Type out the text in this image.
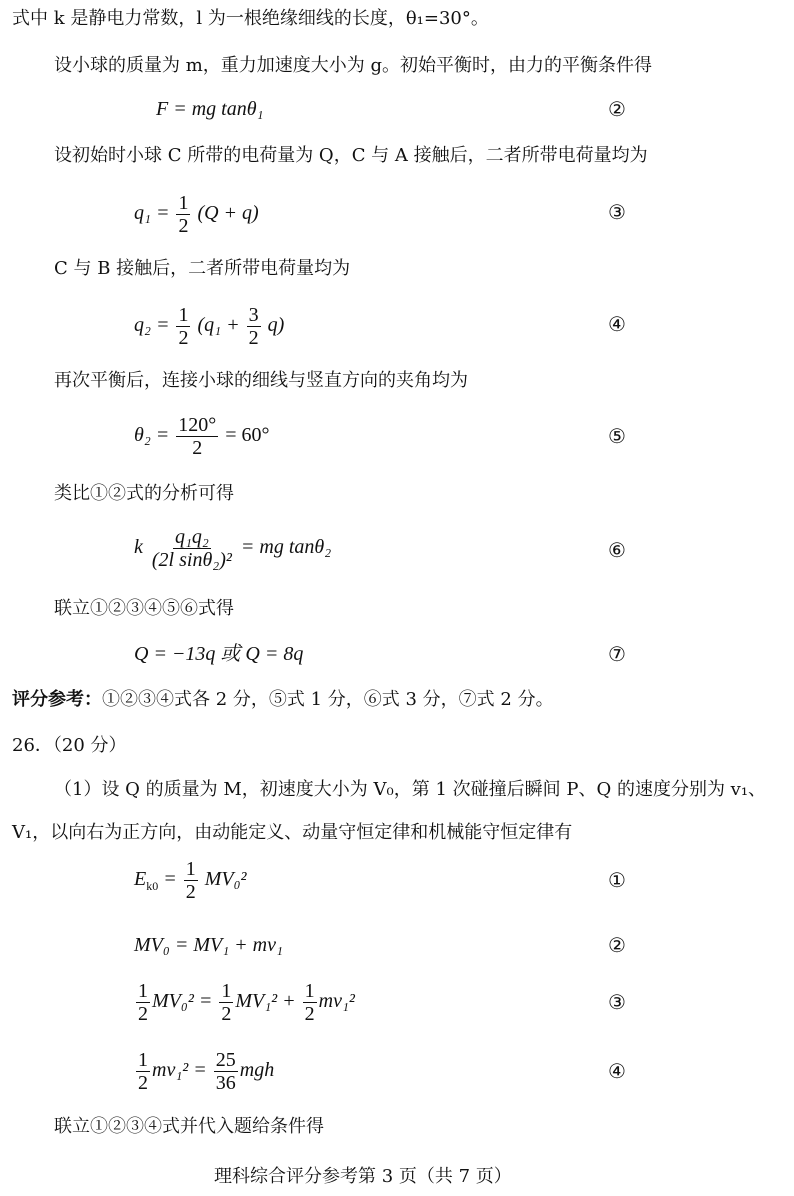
式中 k 是静电力常数，l 为一根绝缘细线的长度，θ₁=30°。
设小球的质量为 m，重力加速度大小为 g。初始平衡时，由力的平衡条件得
F = mg tanθ₁	②
设初始时小球 C 所带的电荷量为 Q，C 与 A 接触后，二者所带电荷量均为
$q_1 = \frac{1}{2} (Q + q)$	③
C 与 B 接触后，二者所带电荷量均为
$q_2 = \frac{1}{2} (q_1 + \frac{3}{2} q)$	④
再次平衡后，连接小球的细线与竖直方向的夹角均为
$\theta_2 = \frac{120^\circ}{2} = 60^\circ$	⑤
类比①②式的分析可得
k $\frac{\text{q₁q₂}}{\text{(2l sinθ₂)²}}$ = mg tanθ₂	⑥
联立①②③④⑤⑥式得
Q = −13q 或 Q = 8q	⑦
评分参考：①②③④式各 2 分，⑤式 1 分，⑥式 3 分，⑦式 2 分。
26．（20 分）
（1）设 Q 的质量为 M，初速度大小为 V₀，第 1 次碰撞后瞬间 P、Q 的速度分别为 v₁、
V₁，以向右为正方向，由动能定义、动量守恒定律和机械能守恒定律有
$E_{k0} = \frac{1}{2} MV_0^2$	①
MV₀ = MV₁ + mv₁	②
$\frac{1}{2} MV_0^2 = \frac{1}{2} MV_1^2 + \frac{1}{2} mv_1^2$	③
$\frac{1}{2} mv_1^2 = \frac{25}{36}$ mgh	④
联立①②③④式并代入题给条件得
理科综合评分参考第 3 页（共 7 页）
